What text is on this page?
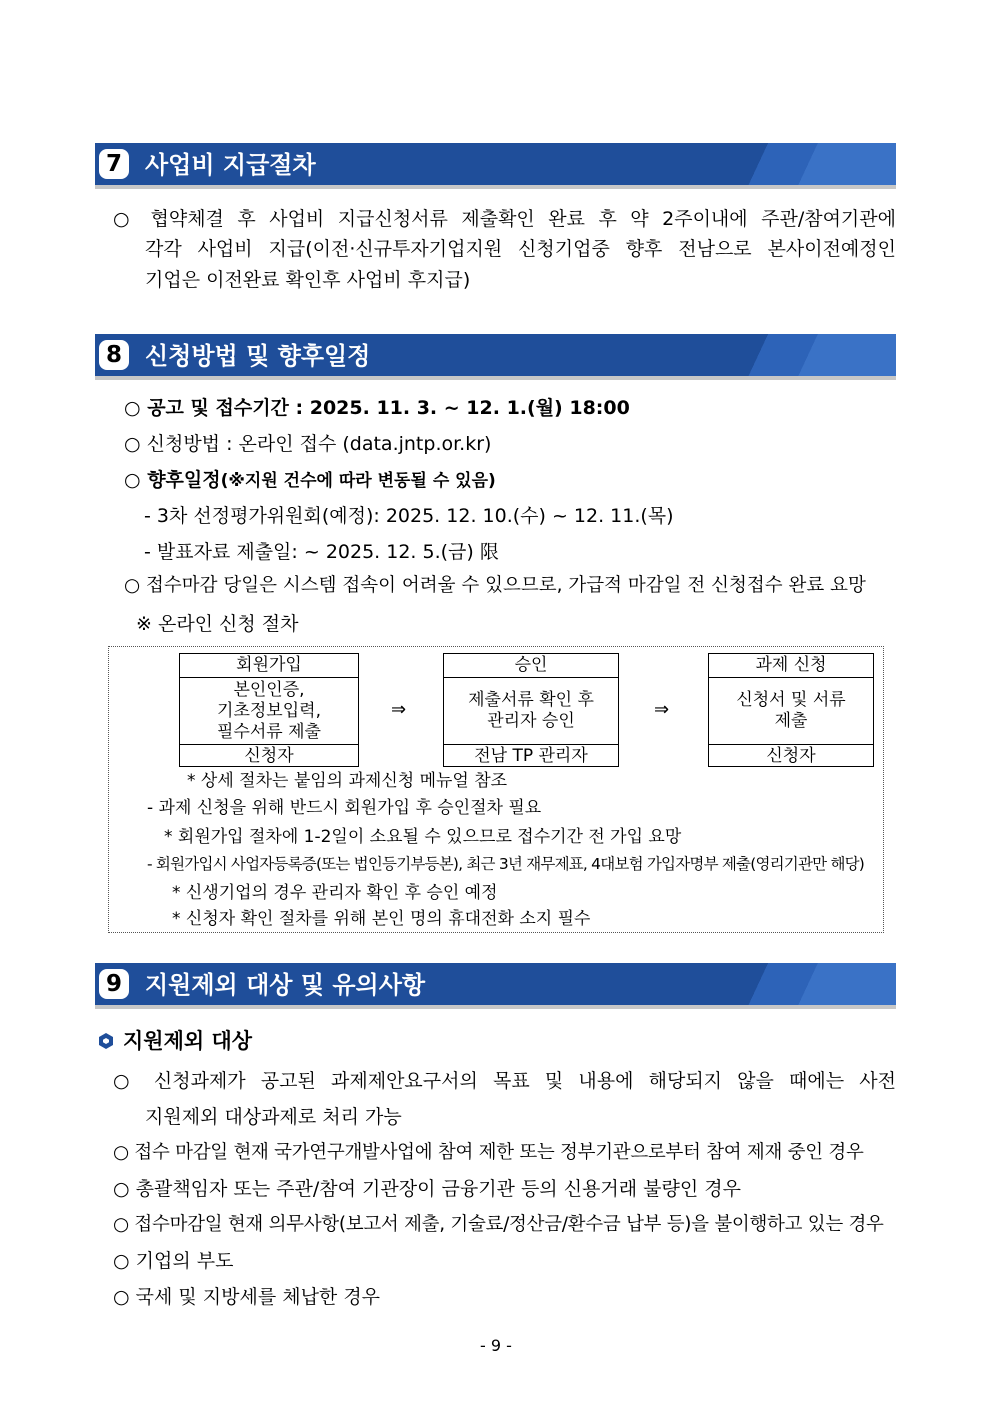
7 사업비 지급절차
○ 협약체결 후 사업비 지급신청서류 제출확인 완료 후 약 2주이내에 주관/참여기관에
각각 사업비 지급(이전·신규투자기업지원 신청기업중 향후 전남으로 본사이전예정인
기업은 이전완료 확인후 사업비 후지급)
8 신청방법 및 향후일정
○ 공고 및 접수기간 : 2025. 11. 3. ~ 12. 1.(월) 18:00
○ 신청방법 : 온라인 접수 (data.jntp.or.kr)
○ 향후일정(※지원 건수에 따라 변동될 수 있음)
- 3차 선정평가위원회(예정): 2025. 12. 10.(수) ~ 12. 11.(목)
- 발표자료 제출일: ~ 2025. 12. 5.(금) 限
○ 접수마감 당일은 시스템 접속이 어려울 수 있으므로, 가급적 마감일 전 신청접수 완료 요망
※ 온라인 신청 절차
회원가입
본인인증,
기초정보입력,
필수서류 제출
신청자
⇒
승인
제출서류 확인 후
관리자 승인
전남 TP 관리자
⇒
과제 신청
신청서 및 서류
제출
신청자
* 상세 절차는 붙임의 과제신청 메뉴얼 참조
- 과제 신청을 위해 반드시 회원가입 후 승인절차 필요
* 회원가입 절차에 1-2일이 소요될 수 있으므로 접수기간 전 가입 요망
- 회원가입시 사업자등록증(또는 법인등기부등본), 최근 3년 재무제표, 4대보험 가입자명부 제출(영리기관만 해당)
* 신생기업의 경우 관리자 확인 후 승인 예정
* 신청자 확인 절차를 위해 본인 명의 휴대전화 소지 필수
9 지원제외 대상 및 유의사항
지원제외 대상
○ 신청과제가 공고된 과제제안요구서의 목표 및 내용에 해당되지 않을 때에는 사전
지원제외 대상과제로 처리 가능
○ 접수 마감일 현재 국가연구개발사업에 참여 제한 또는 정부기관으로부터 참여 제재 중인 경우
○ 총괄책임자 또는 주관/참여 기관장이 금융기관 등의 신용거래 불량인 경우
○ 접수마감일 현재 의무사항(보고서 제출, 기술료/정산금/환수금 납부 등)을 불이행하고 있는 경우
○ 기업의 부도
○ 국세 및 지방세를 체납한 경우
- 9 -
